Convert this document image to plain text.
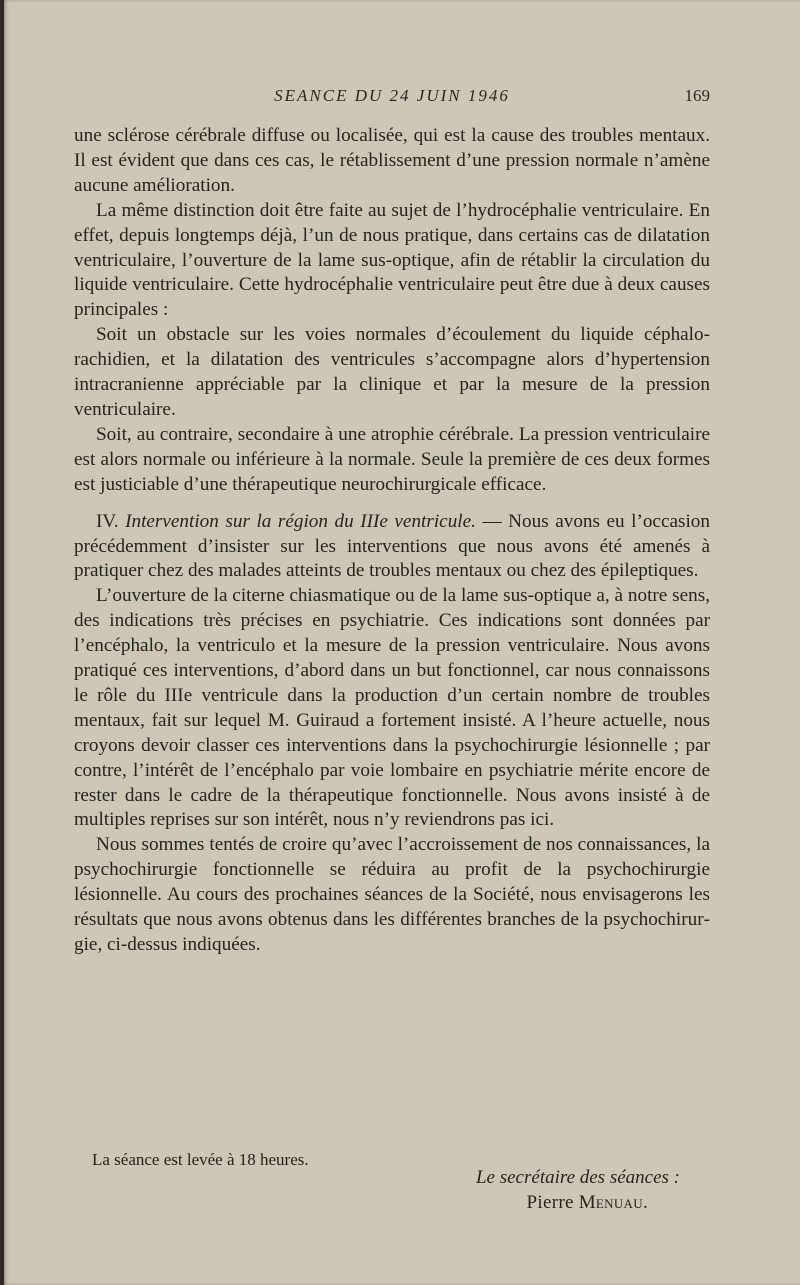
SEANCE DU 24 JUIN 1946	169

une sclérose cérébrale diffuse ou localisée, qui est la cause des troubles mentaux. Il est évident que dans ces cas, le rétablissement d’une pression normale n’amène aucune amélioration.

La même distinction doit être faite au sujet de l’hydrocéphalie ventriculaire. En effet, depuis longtemps déjà, l’un de nous pratique, dans certains cas de dilatation ventriculaire, l’ouverture de la lame sus-optique, afin de rétablir la circulation du liquide ventriculaire. Cette hydrocéphalie ventriculaire peut être due à deux causes principales :

Soit un obstacle sur les voies normales d’écoulement du liquide céphalo-rachidien, et la dilatation des ventricules s’accompagne alors d’hypertension intracranienne appréciable par la clinique et par la mesure de la pression ventriculaire.

Soit, au contraire, secondaire à une atrophie cérébrale. La pression ventriculaire est alors normale ou inférieure à la normale. Seule la première de ces deux formes est justiciable d’une thérapeutique neurochirurgicale efficace.

IV. Intervention sur la région du IIIe ventricule. — Nous avons eu l’occasion précédemment d’insister sur les interventions que nous avons été amenés à pratiquer chez des malades atteints de troubles mentaux ou chez des épileptiques.

L’ouverture de la citerne chiasmatique ou de la lame sus-optique a, à notre sens, des indications très précises en psychiatrie. Ces indications sont données par l’encéphalo, la ventriculo et la mesure de la pression ventriculaire. Nous avons pratiqué ces interventions, d’abord dans un but fonctionnel, car nous connaissons le rôle du IIIe ventricule dans la production d’un certain nombre de troubles mentaux, fait sur lequel M. Guiraud a fortement insisté. A l’heure actuelle, nous croyons devoir classer ces interventions dans la psychochirurgie lésionnelle ; par contre, l’intérêt de l’encéphalo par voie lombaire en psychiatrie mérite encore de rester dans le cadre de la thérapeutique fonctionnelle. Nous avons insisté à de multiples reprises sur son intérêt, nous n’y reviendrons pas ici.

Nous sommes tentés de croire qu’avec l’accroissement de nos connaissances, la psychochirurgie fonctionnelle se réduira au profit de la psychochirurgie lésionnelle. Au cours des prochaines séances de la Société, nous envisagerons les résultats que nous avons obtenus dans les différentes branches de la psychochirurgie, ci-dessus indiquées.

La séance est levée à 18 heures.
Le secrétaire des séances :
Pierre Menuau.
